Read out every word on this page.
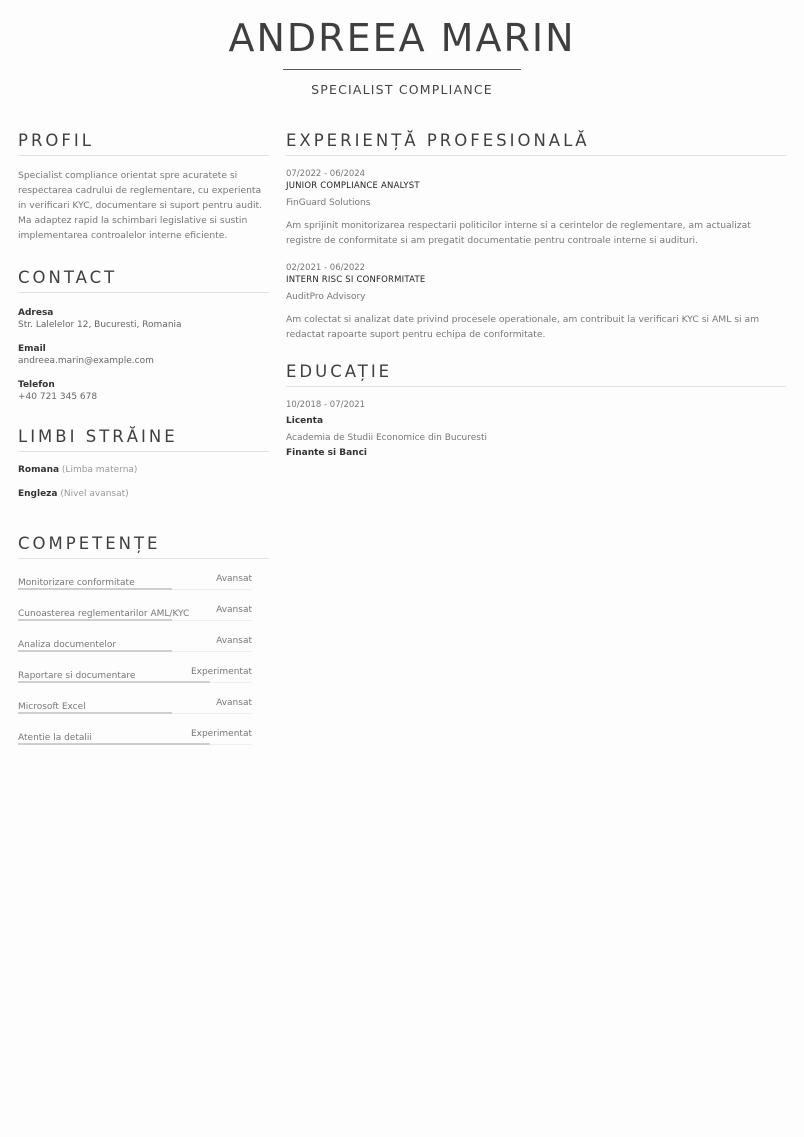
ANDREEA MARIN
SPECIALIST COMPLIANCE
PROFIL
Specialist compliance orientat spre acuratete si respectarea cadrului de reglementare, cu experienta in verificari KYC, documentare si suport pentru audit. Ma adaptez rapid la schimbari legislative si sustin implementarea controalelor interne eficiente.
CONTACT
Adresa
Str. Lalelelor 12, Bucuresti, Romania
Email
andreea.marin@example.com
Telefon
+40 721 345 678
LIMBI STRĂINE
Romana (Limba materna)
Engleza (Nivel avansat)
COMPETENȚE
Monitorizare conformitate	Avansat
Cunoasterea reglementarilor AML/KYC	Avansat
Analiza documentelor	Avansat
Raportare si documentare	Experimentat
Microsoft Excel	Avansat
Atentie la detalii	Experimentat
EXPERIENȚĂ PROFESIONALĂ
07/2022 - 06/2024
JUNIOR COMPLIANCE ANALYST
FinGuard Solutions
Am sprijinit monitorizarea respectarii politicilor interne si a cerintelor de reglementare, am actualizat registre de conformitate si am pregatit documentatie pentru controale interne si audituri.
02/2021 - 06/2022
INTERN RISC SI CONFORMITATE
AuditPro Advisory
Am colectat si analizat date privind procesele operationale, am contribuit la verificari KYC si AML si am redactat rapoarte suport pentru echipa de conformitate.
EDUCAȚIE
10/2018 - 07/2021
Licenta
Academia de Studii Economice din Bucuresti
Finante si Banci
